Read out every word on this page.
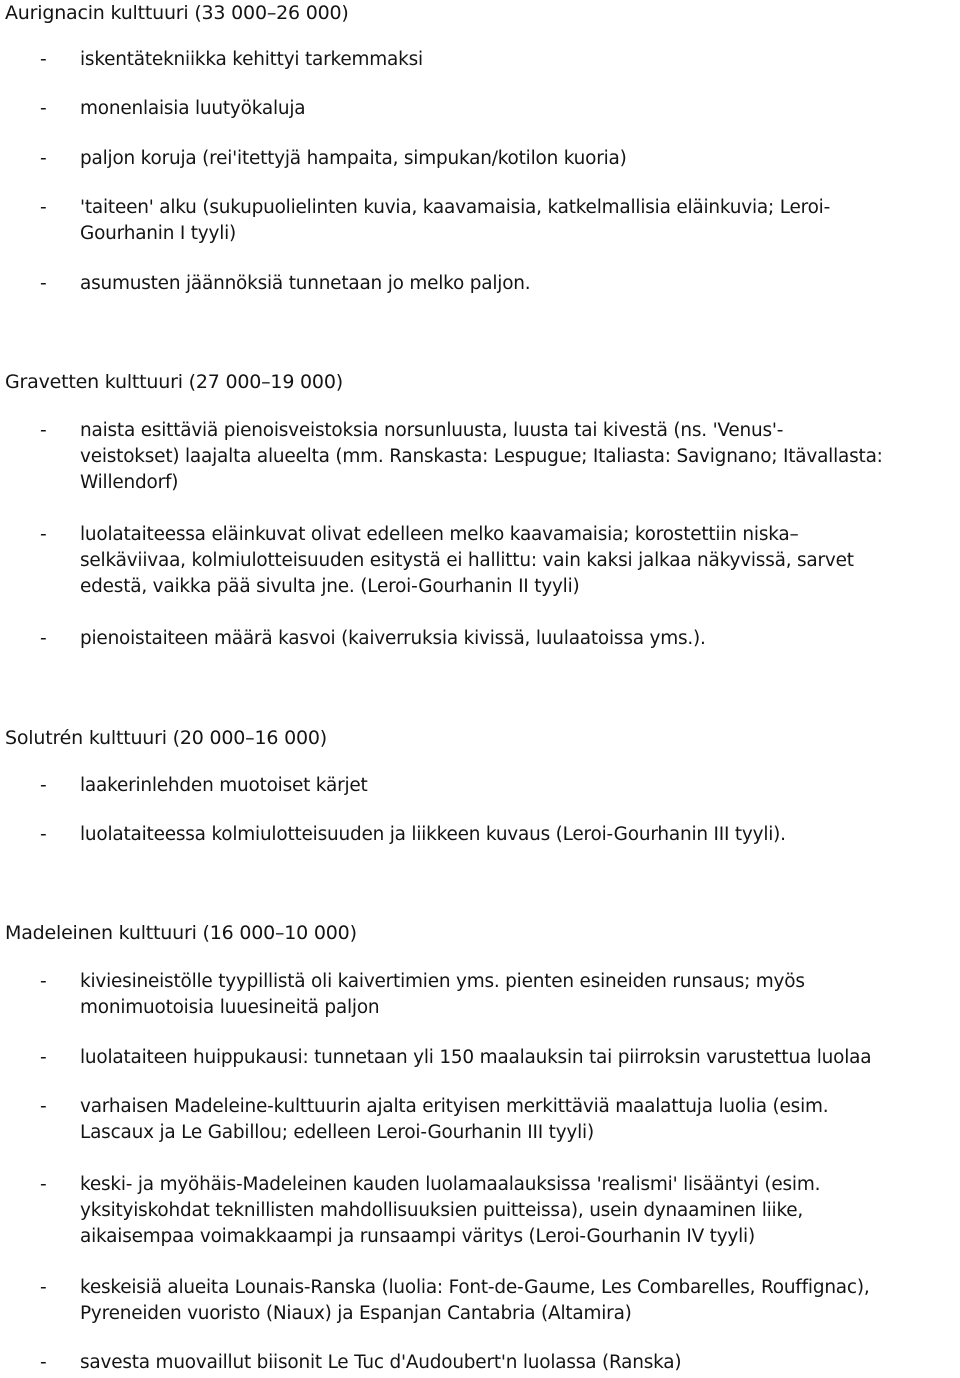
Aurignacin kulttuuri (33 000–26 000)
- iskentätekniikka kehittyi tarkemmaksi
- monenlaisia luutyökaluja
- paljon koruja (rei'itettyjä hampaita, simpukan/kotilon kuoria)
- 'taiteen' alku (sukupuolielinten kuvia, kaavamaisia, katkelmallisia eläinkuvia; Leroi-
Gourhanin I tyyli)
- asumusten jäännöksiä tunnetaan jo melko paljon.
Gravetten kulttuuri (27 000–19 000)
- naista esittäviä pienoisveistoksia norsunluusta, luusta tai kivestä (ns. 'Venus'-
veistokset) laajalta alueelta (mm. Ranskasta: Lespugue; Italiasta: Savignano; Itävallasta:
Willendorf)
- luolataiteessa eläinkuvat olivat edelleen melko kaavamaisia; korostettiin niska–
selkäviivaa, kolmiulotteisuuden esitystä ei hallittu: vain kaksi jalkaa näkyvissä, sarvet
edestä, vaikka pää sivulta jne. (Leroi-Gourhanin II tyyli)
- pienoistaiteen määrä kasvoi (kaiverruksia kivissä, luulaatoissa yms.).
Solutrén kulttuuri (20 000–16 000)
- laakerinlehden muotoiset kärjet
- luolataiteessa kolmiulotteisuuden ja liikkeen kuvaus (Leroi-Gourhanin III tyyli).
Madeleinen kulttuuri (16 000–10 000)
- kiviesineistölle tyypillistä oli kaivertimien yms. pienten esineiden runsaus; myös
monimuotoisia luuesineitä paljon
- luolataiteen huippukausi: tunnetaan yli 150 maalauksin tai piirroksin varustettua luolaa
- varhaisen Madeleine-kulttuurin ajalta erityisen merkittäviä maalattuja luolia (esim.
Lascaux ja Le Gabillou; edelleen Leroi-Gourhanin III tyyli)
- keski- ja myöhäis-Madeleinen kauden luolamaalauksissa 'realismi' lisääntyi (esim.
yksityiskohdat teknillisten mahdollisuuksien puitteissa), usein dynaaminen liike,
aikaisempaa voimakkaampi ja runsaampi väritys (Leroi-Gourhanin IV tyyli)
- keskeisiä alueita Lounais-Ranska (luolia: Font-de-Gaume, Les Combarelles, Rouffignac),
Pyreneiden vuoristo (Niaux) ja Espanjan Cantabria (Altamira)
- savesta muovaillut biisonit Le Tuc d'Audoubert'n luolassa (Ranska)
